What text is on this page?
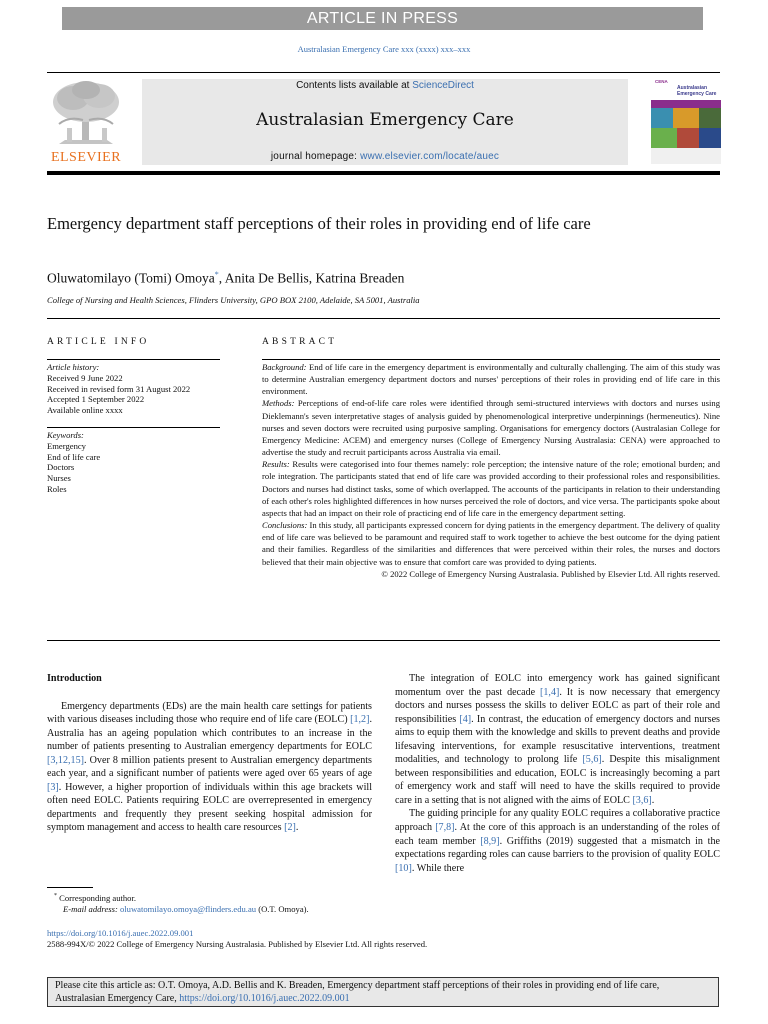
ARTICLE IN PRESS
Australasian Emergency Care xxx (xxxx) xxx–xxx
ELSEVIER
Contents lists available at ScienceDirect
Australasian Emergency Care
journal homepage: www.elsevier.com/locate/auec
CENA
Australasian Emergency Care
Emergency department staff perceptions of their roles in providing end of life care
Oluwatomilayo (Tomi) Omoya*, Anita De Bellis, Katrina Breaden
College of Nursing and Health Sciences, Flinders University, GPO BOX 2100, Adelaide, SA 5001, Australia
ARTICLE INFO
Article history:
Received 9 June 2022
Received in revised form 31 August 2022
Accepted 1 September 2022
Available online xxxx
Keywords:
Emergency
End of life care
Doctors
Nurses
Roles
ABSTRACT

Background: End of life care in the emergency department is environmentally and culturally challenging. The aim of this study was to determine Australian emergency department doctors and nurses' perceptions of their roles in providing end of life care in this environment.

Methods: Perceptions of end-of-life care roles were identified through semi-structured interviews with doctors and nurses using Dieklemann's seven interpretative stages of analysis guided by phenomenological interpretive underpinnings (hermeneutics). Nine nurses and seven doctors were recruited using purposive sampling. Organisations for emergency doctors (Australasian College for Emergency Medicine: ACEM) and emergency nurses (College of Emergency Nursing Australasia: CENA) were approached to advertise the study and recruit participants across Australia via email.

Results: Results were categorised into four themes namely: role perception; the intensive nature of the role; emotional burden; and role integration. The participants stated that end of life care was provided according to their professional roles and responsibilities. Doctors and nurses had distinct tasks, some of which overlapped. The accounts of the participants in relation to their understanding of each other's roles highlighted differences in how nurses perceived the role of doctors, and vice versa. The participants spoke about aspects that had an impact on their role of practicing end of life care in the emergency department setting.

Conclusions: In this study, all participants expressed concern for dying patients in the emergency department. The delivery of quality end of life care was believed to be paramount and required staff to work together to achieve the best outcome for the dying patient and their families. Regardless of the similarities and differences that were perceived within their roles, the nurses and doctors believed that their main objective was to ensure that comfort care was provided to dying patients.

© 2022 College of Emergency Nursing Australasia. Published by Elsevier Ltd. All rights reserved.

Introduction

Emergency departments (EDs) are the main health care settings for patients with various diseases including those who require end of life care (EOLC) [1,2]. Australia has an ageing population which contributes to an increase in the number of patients presenting to Australian emergency departments for EOLC [3,12,15]. Over 8 million patients present to Australian emergency departments each year, and a significant number of patients were aged over 65 years of age [3]. However, a higher proportion of individuals within this age brackets will often need EOLC. Patients requiring EOLC are overrepresented in emergency departments and frequently they present seeking hospital admission for symptom management and access to health care resources [2].

The integration of EOLC into emergency work has gained significant momentum over the past decade [1,4]. It is now necessary that emergency doctors and nurses possess the skills to deliver EOLC as part of their role and responsibilities [4]. In contrast, the education of emergency doctors and nurses aims to equip them with the knowledge and skills to prevent deaths and provide lifesaving interventions, for example resuscitative interventions, treatment modalities, and technology to prolong life [5,6]. Despite this misalignment between responsibilities and education, EOLC is increasingly becoming a part of emergency work and staff will need to have the skills required to provide care in a setting that is not aligned with the aims of EOLC [3,6].

The guiding principle for any quality EOLC requires a collaborative practice approach [7,8]. At the core of this approach is an understanding of the roles of each team member [8,9]. Griffiths (2019) suggested that a mismatch in the expectations regarding roles can cause barriers to the provision of quality EOLC [10]. While there

* Corresponding author.
E-mail address: oluwatomilayo.omoya@flinders.edu.au (O.T. Omoya).
https://doi.org/10.1016/j.auec.2022.09.001
2588-994X/© 2022 College of Emergency Nursing Australasia. Published by Elsevier Ltd. All rights reserved.
Please cite this article as: O.T. Omoya, A.D. Bellis and K. Breaden, Emergency department staff perceptions of their roles in providing end of life care, Australasian Emergency Care, https://doi.org/10.1016/j.auec.2022.09.001
